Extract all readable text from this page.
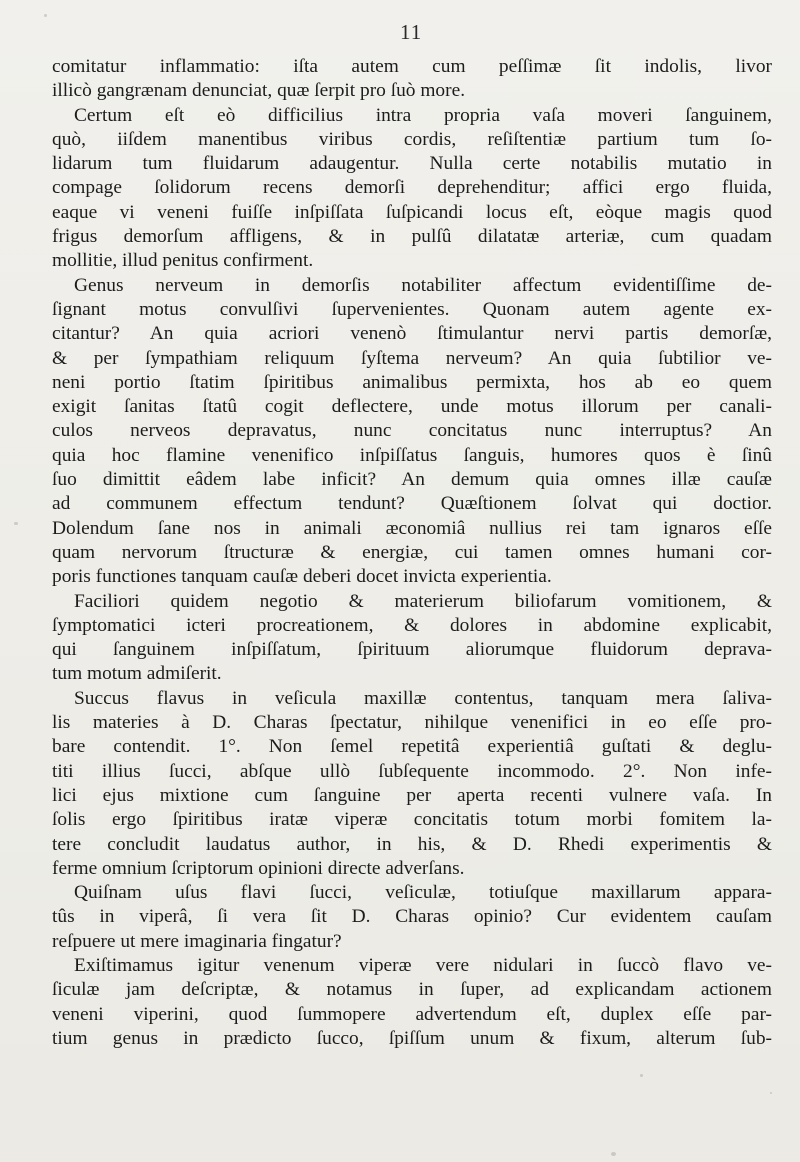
11
comitatur inflammatio: iſta autem cum peſſimæ ſit indolis, livor
illicò gangrænam denunciat, quæ ſerpit pro ſuò more.
Certum eſt eò difficilius intra propria vaſa moveri ſanguinem,
quò, iiſdem manentibus viribus cordis, reſiſtentiæ partium tum ſo-
lidarum tum fluidarum adaugentur. Nulla certe notabilis mutatio in
compage ſolidorum recens demorſi deprehenditur; affici ergo fluida,
eaque vi veneni fuiſſe inſpiſſata ſuſpicandi locus eſt, eòque magis quod
frigus demorſum affligens, & in pulſû dilatatæ arteriæ, cum quadam
mollitie, illud penitus confirment.
Genus nerveum in demorſis notabiliter affectum evidentiſſime de-
ſignant motus convulſivi ſupervenientes. Quonam autem agente ex-
citantur? An quia acriori venenò ſtimulantur nervi partis demorſæ,
& per ſympathiam reliquum ſyſtema nerveum? An quia ſubtilior ve-
neni portio ſtatim ſpiritibus animalibus permixta, hos ab eo quem
exigit ſanitas ſtatû cogit deflectere, unde motus illorum per canali-
culos nerveos depravatus, nunc concitatus nunc interruptus? An
quia hoc flamine venenifico inſpiſſatus ſanguis, humores quos è ſinû
ſuo dimittit eâdem labe inficit? An demum quia omnes illæ cauſæ
ad communem effectum tendunt? Quæſtionem ſolvat qui doctior.
Dolendum ſane nos in animali æconomiâ nullius rei tam ignaros eſſe
quam nervorum ſtructuræ & energiæ, cui tamen omnes humani cor-
poris functiones tanquam cauſæ deberi docet invicta experientia.
Faciliori quidem negotio & materierum biliofarum vomitionem, &
ſymptomatici icteri procreationem, & dolores in abdomine explicabit,
qui ſanguinem inſpiſſatum, ſpirituum aliorumque fluidorum deprava-
tum motum admiſerit.
Succus flavus in veſicula maxillæ contentus, tanquam mera ſaliva-
lis materies à D. Charas ſpectatur, nihilque venenifici in eo eſſe pro-
bare contendit. 1°. Non ſemel repetitâ experientiâ guſtati & deglu-
titi illius ſucci, abſque ullò ſubſequente incommodo. 2°. Non infe-
lici ejus mixtione cum ſanguine per aperta recenti vulnere vaſa. In
ſolis ergo ſpiritibus iratæ viperæ concitatis totum morbi fomitem la-
tere concludit laudatus author, in his, & D. Rhedi experimentis &
ferme omnium ſcriptorum opinioni directe adverſans.
Quiſnam uſus flavi ſucci, veſiculæ, totiuſque maxillarum appara-
tûs in viperâ, ſi vera ſit D. Charas opinio? Cur evidentem cauſam
reſpuere ut mere imaginaria fingatur?
Exiſtimamus igitur venenum viperæ vere nidulari in ſuccò flavo ve-
ſiculæ jam deſcriptæ, & notamus in ſuper, ad explicandam actionem
veneni viperini, quod ſummopere advertendum eſt, duplex eſſe par-
tium genus in prædicto ſucco, ſpiſſum unum & fixum, alterum ſub-
